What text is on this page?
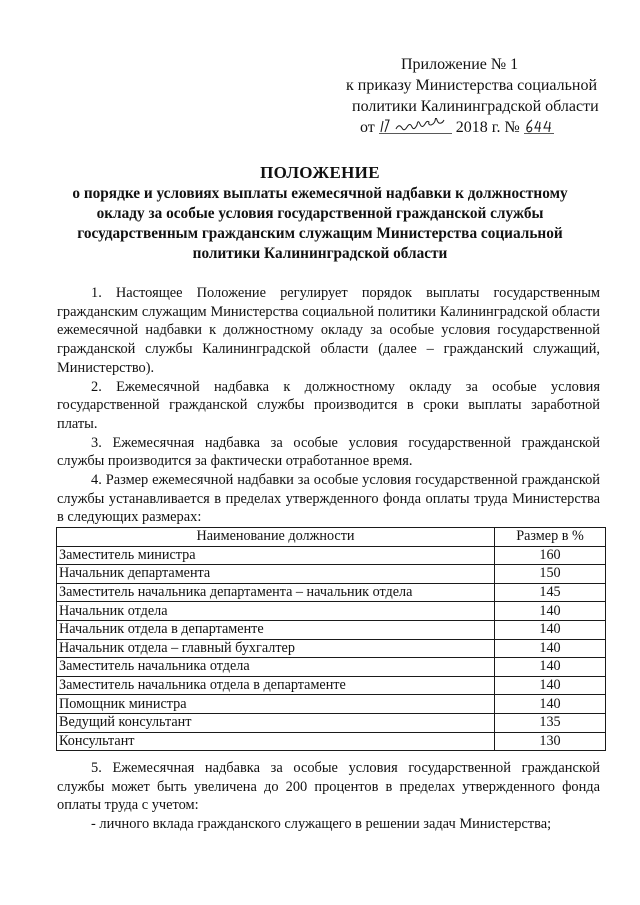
Приложение № 1
к приказу Министерства социальной
политики Калининградской области
от	2018 г. №
ПОЛОЖЕНИЕ
о порядке и условиях выплаты ежемесячной надбавки к должностному окладу за особые условия государственной гражданской службы государственным гражданским служащим Министерства социальной политики Калининградской области

1. Настоящее Положение регулирует порядок выплаты государственным гражданским служащим Министерства социальной политики Калининградской области ежемесячной надбавки к должностному окладу за особые условия государственной гражданской службы Калининградской области (далее – гражданский служащий, Министерство).

2. Ежемесячной надбавка к должностному окладу за особые условия государственной гражданской службы производится в сроки выплаты заработной платы.

3. Ежемесячная надбавка за особые условия государственной гражданской службы производится за фактически отработанное время.

4. Размер ежемесячной надбавки за особые условия государственной гражданской службы устанавливается в пределах утвержденного фонда оплаты труда Министерства в следующих размерах:

Наименование должности	Размер в %
Заместитель министра	160
Начальник департамента	150
Заместитель начальника департамента – начальник отдела	145
Начальник отдела	140
Начальник отдела в департаменте	140
Начальник отдела – главный бухгалтер	140
Заместитель начальника отдела	140
Заместитель начальника отдела в департаменте	140
Помощник министра	140
Ведущий консультант	135
Консультант	130

5. Ежемесячная надбавка за особые условия государственной гражданской службы может быть увеличена до 200 процентов в пределах утвержденного фонда оплаты труда с учетом:

- личного вклада гражданского служащего в решении задач Министерства;
